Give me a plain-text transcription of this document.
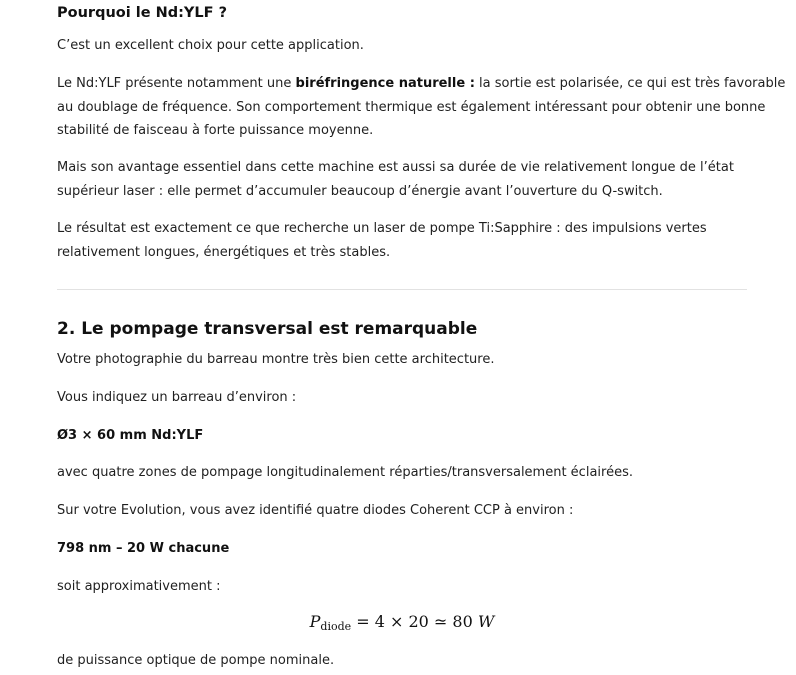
Pourquoi le Nd:YLF ?
C’est un excellent choix pour cette application.
Le Nd:YLF présente notamment une biréfringence naturelle : la sortie est polarisée, ce qui est très favorable
au doublage de fréquence. Son comportement thermique est également intéressant pour obtenir une bonne
stabilité de faisceau à forte puissance moyenne.
Mais son avantage essentiel dans cette machine est aussi sa durée de vie relativement longue de l’état
supérieur laser : elle permet d’accumuler beaucoup d’énergie avant l’ouverture du Q-switch.
Le résultat est exactement ce que recherche un laser de pompe Ti:Sapphire : des impulsions vertes
relativement longues, énergétiques et très stables.
2. Le pompage transversal est remarquable
Votre photographie du barreau montre très bien cette architecture.
Vous indiquez un barreau d’environ :
Ø3 × 60 mm Nd:YLF
avec quatre zones de pompage longitudinalement réparties/transversalement éclairées.
Sur votre Evolution, vous avez identifié quatre diodes Coherent CCP à environ :
798 nm – 20 W chacune
soit approximativement :
$P_{diode} = 4 \times 20$ ≃ 80 W
de puissance optique de pompe nominale.
